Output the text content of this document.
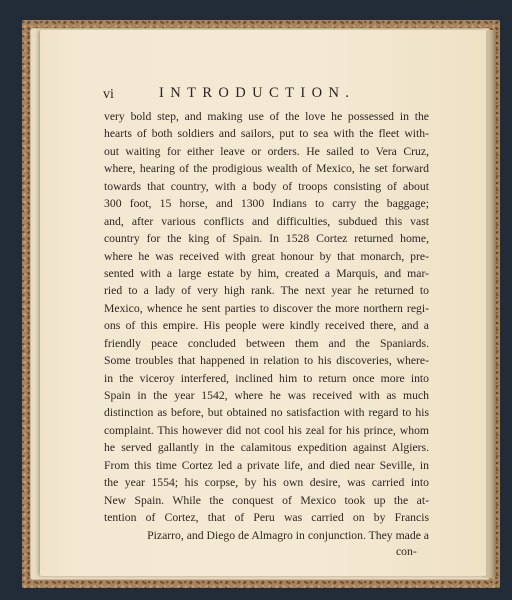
vi	INTRODUCTION.
very bold step, and making use of the love he possessed in the
hearts of both soldiers and sailors, put to sea with the fleet with-
out waiting for either leave or orders. He sailed to Vera Cruz,
where, hearing of the prodigious wealth of Mexico, he set forward
towards that country, with a body of troops consisting of about
300 foot, 15 horse, and 1300 Indians to carry the baggage;
and, after various conflicts and difficulties, subdued this vast
country for the king of Spain. In 1528 Cortez returned home,
where he was received with great honour by that monarch, pre-
sented with a large estate by him, created a Marquis, and mar-
ried to a lady of very high rank. The next year he returned to
Mexico, whence he sent parties to discover the more northern regi-
ons of this empire. His people were kindly received there, and a
friendly peace concluded between them and the Spaniards.
Some troubles that happened in relation to his discoveries, where-
in the viceroy interfered, inclined him to return once more into
Spain in the year 1542, where he was received with as much
distinction as before, but obtained no satisfaction with regard to his
complaint. This however did not cool his zeal for his prince, whom
he served gallantly in the calamitous expedition against Algiers.
From this time Cortez led a private life, and died near Seville, in
the year 1554; his corpse, by his own desire, was carried into
New Spain. While the conquest of Mexico took up the at-
tention of Cortez, that of Peru was carried on by Francis
Pizarro, and Diego de Almagro in conjunction. They made a
con-
